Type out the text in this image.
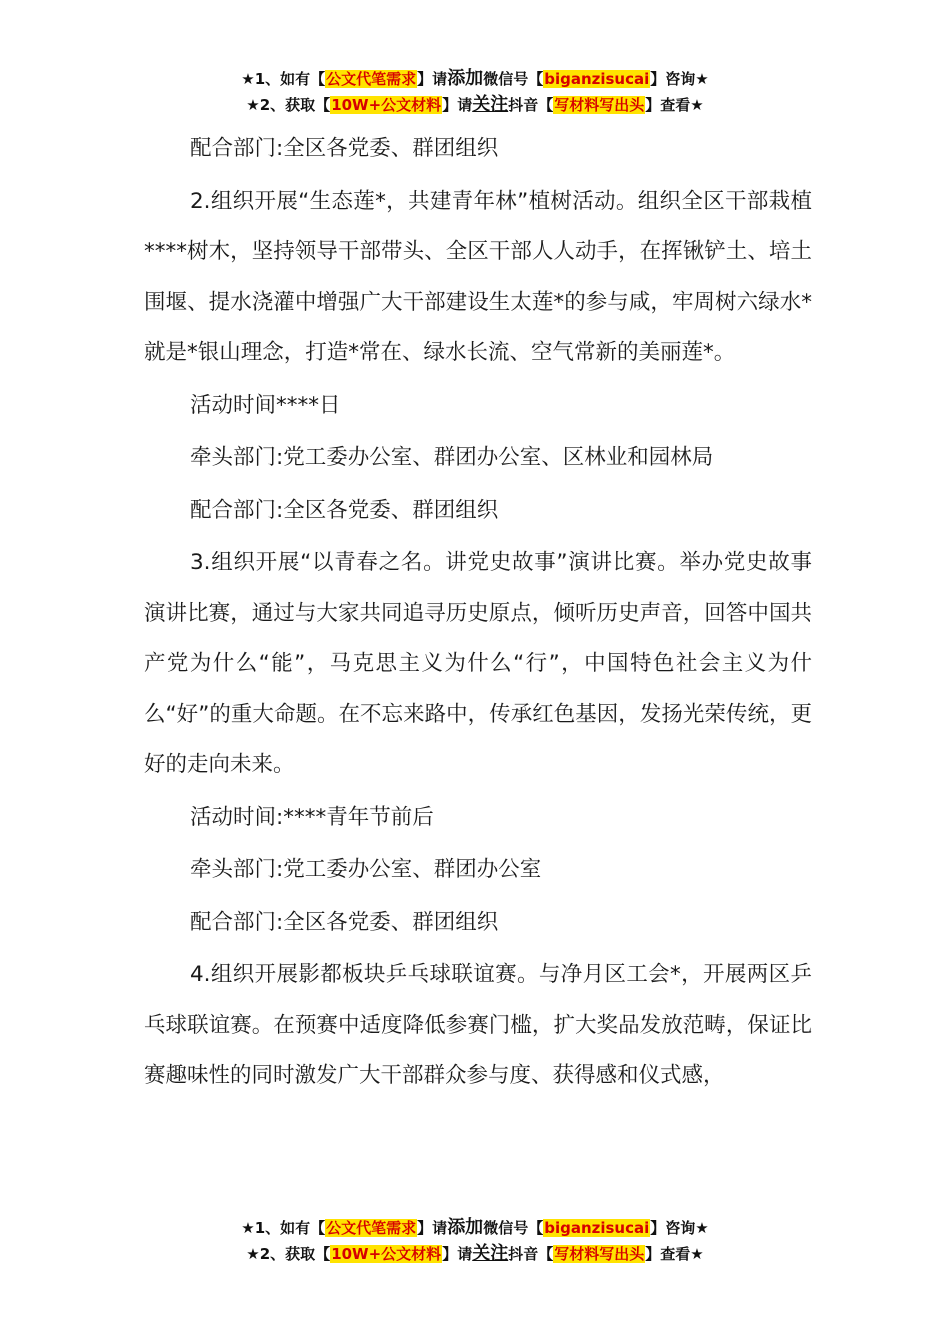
★1、如有【公文代笔需求】请添加微信号【biganzisucai】咨询★
★2、获取【10W+公文材料】请关注抖音【写材料写出头】查看★

配合部门:全区各党委、群团组织

2.组织开展“生态莲*，共建青年林”植树活动。组织全区干部栽植****树木，坚持领导干部带头、全区干部人人动手，在挥锹铲土、培土围堰、提水浇灌中增强广大干部建设生太莲*的参与咸，牢周树六绿水*就是*银山理念，打造*常在、绿水长流、空气常新的美丽莲*。

活动时间****日

牵头部门:党工委办公室、群团办公室、区林业和园林局

配合部门:全区各党委、群团组织

3.组织开展“以青春之名。讲党史故事”演讲比赛。举办党史故事演讲比赛，通过与大家共同追寻历史原点，倾听历史声音，回答中国共产党为什么“能”，马克思主义为什么“行”，中国特色社会主义为什么“好”的重大命题。在不忘来路中，传承红色基因，发扬光荣传统，更好的走向未来。

活动时间:****青年节前后

牵头部门:党工委办公室、群团办公室

配合部门:全区各党委、群团组织

4.组织开展影都板块乒乓球联谊赛。与净月区工会*，开展两区乒乓球联谊赛。在预赛中适度降低参赛门槛，扩大奖品发放范畴，保证比赛趣味性的同时激发广大干部群众参与度、获得感和仪式感，

★1、如有【公文代笔需求】请添加微信号【biganzisucai】咨询★
★2、获取【10W+公文材料】请关注抖音【写材料写出头】查看★
